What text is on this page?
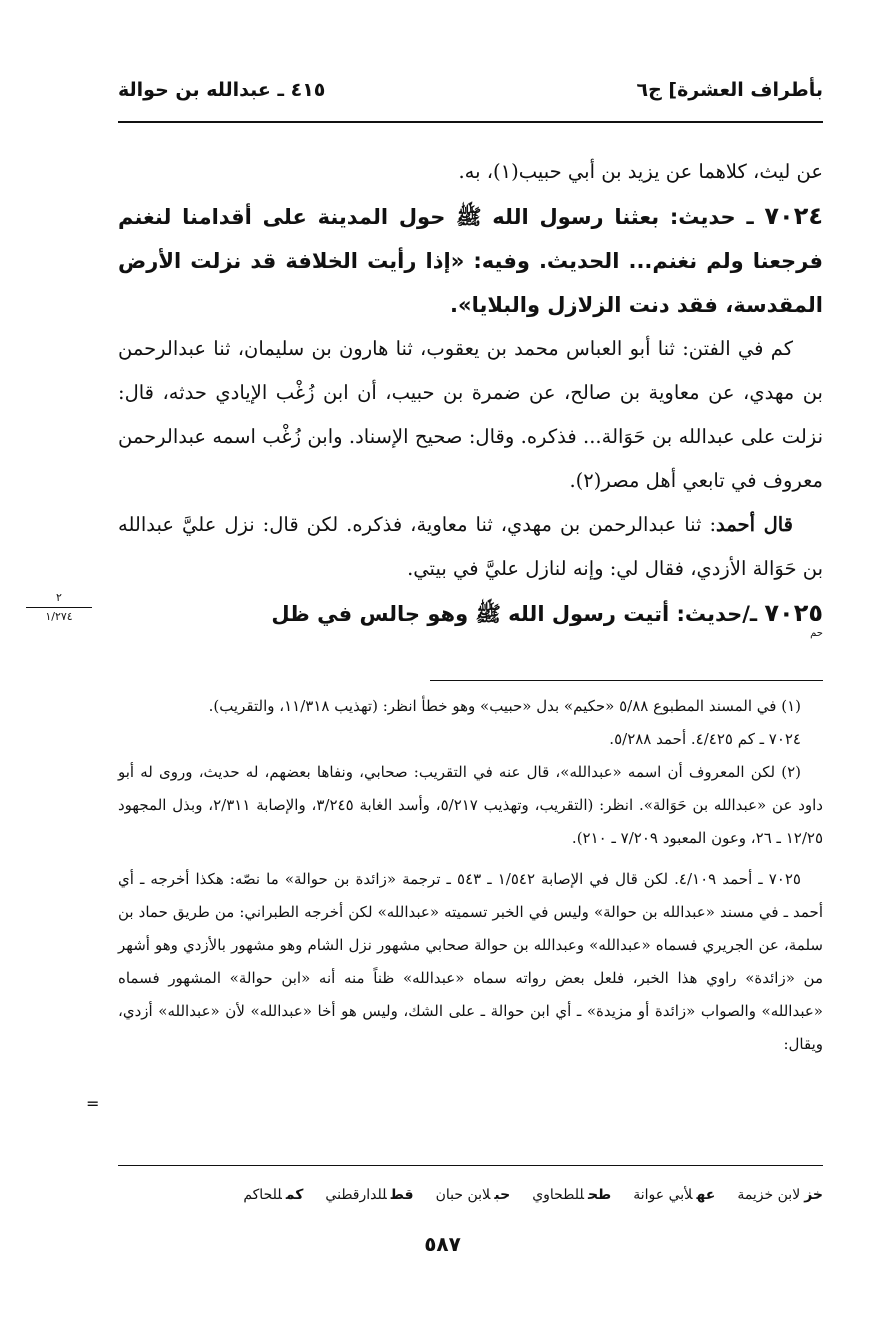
بأطراف العشرة] ج٦
٤١٥ ـ عبدالله بن حوالة

عن ليث، كلاهما عن يزيد بن أبي حبيب(١)، به.

٧٠٢٤ ـ حديث: بعثنا رسول الله ﷺ حول المدينة على أقدامنا لنغنم فرجعنا ولم نغنم... الحديث. وفيه: «إذا رأيت الخلافة قد نزلت الأرض المقدسة، فقد دنت الزلازل والبلايا».

كم في الفتن: ثنا أبو العباس محمد بن يعقوب، ثنا هارون بن سليمان، ثنا عبدالرحمن بن مهدي، عن معاوية بن صالح، عن ضمرة بن حبيب، أن ابن زُغْب الإيادي حدثه، قال: نزلت على عبدالله بن حَوَالة... فذكره. وقال: صحيح الإسناد. وابن زُغْب اسمه عبدالرحمن معروف في تابعي أهل مصر(٢).

قال أحمد: ثنا عبدالرحمن بن مهدي، ثنا معاوية، فذكره. لكن قال: نزل عليَّ عبدالله بن حَوَالة الأزدي، فقال لي: وإنه لنازل عليَّ في بيتي.

٧٠٢٥ ـ/حديث: أتيت رسول الله ﷺ وهو جالس في ظل

حم
٢
١/٢٧٤

(١) في المسند المطبوع ٥/٨٨ «حكيم» بدل «حبيب» وهو خطأ انظر: (تهذيب ١١/٣١٨، والتقريب).

٧٠٢٤ ـ كم ٤/٤٢٥. أحمد ٥/٢٨٨.

(٢) لكن المعروف أن اسمه «عبدالله»، قال عنه في التقريب: صحابي، ونفاها بعضهم، له حديث، وروى له أبو داود عن «عبدالله بن حَوَالة». انظر: (التقريب، وتهذيب ٥/٢١٧، وأسد الغابة ٣/٢٤٥، والإصابة ٢/٣١١، وبذل المجهود ١٢/٢٥ ـ ٢٦، وعون المعبود ٧/٢٠٩ ـ ٢١٠).

٧٠٢٥ ـ أحمد ٤/١٠٩. لكن قال في الإصابة ١/٥٤٢ ـ ٥٤٣ ـ ترجمة «زائدة بن حوالة» ما نصّه: هكذا أخرجه ـ أي أحمد ـ في مسند «عبدالله بن حوالة» وليس في الخبر تسميته «عبدالله» لكن أخرجه الطبراني: من طريق حماد بن سلمة، عن الجريري فسماه «عبدالله» وعبدالله بن حوالة صحابي مشهور نزل الشام وهو مشهور بالأزدي وهو أشهر من «زائدة» راوي هذا الخبر، فلعل بعض رواته سماه «عبدالله» ظناً منه أنه «ابن حوالة» المشهور فسماه «عبدالله» والصواب «زائدة أو مزيدة» ـ أي ابن حوالة ـ على الشك، وليس هو أخا «عبدالله» لأن «عبدالله» أزدي، ويقال:

=
خزلابن خزيمة
عهلأبي عوانة
طحللطحاوي
حبلابن حبان
قطللدارقطني
كمللحاكم
٥٨٧
